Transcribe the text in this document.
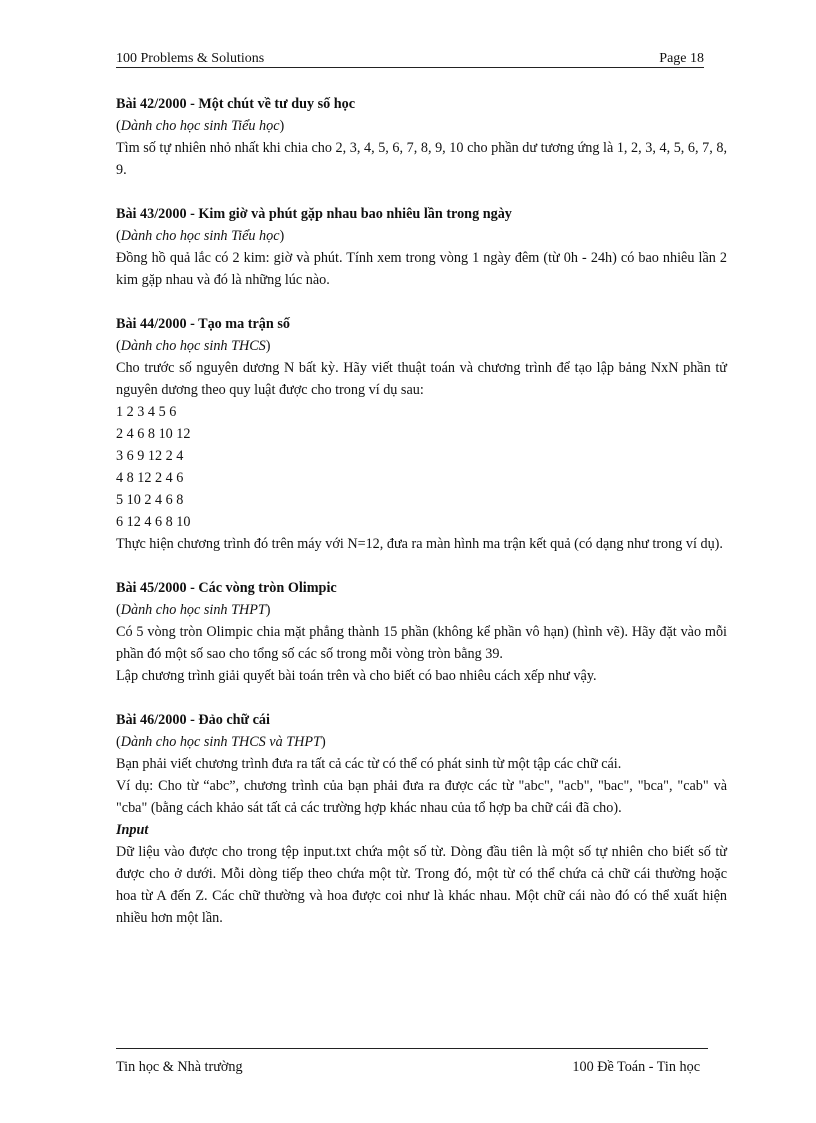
100 Problems & Solutions	Page 18

Bài 42/2000 - Một chút về tư duy số học

(Dành cho học sinh Tiểu học)

Tìm số tự nhiên nhỏ nhất khi chia cho 2, 3, 4, 5, 6, 7, 8, 9, 10 cho phần dư tương ứng là 1, 2, 3, 4, 5, 6, 7, 8, 9.

Bài 43/2000 - Kim giờ và phút gặp nhau bao nhiêu lần trong ngày

(Dành cho học sinh Tiểu học)

Đồng hồ quả lắc có 2 kim: giờ và phút. Tính xem trong vòng 1 ngày đêm (từ 0h - 24h) có bao nhiêu lần 2 kim gặp nhau và đó là những lúc nào.

Bài 44/2000 - Tạo ma trận số

(Dành cho học sinh THCS)

Cho trước số nguyên dương N bất kỳ. Hãy viết thuật toán và chương trình để tạo lập bảng NxN phần tử nguyên dương theo quy luật được cho trong ví dụ sau:

1 2 3 4 5 6

2 4 6 8 10 12

3 6 9 12 2 4

4 8 12 2 4 6

5 10 2 4 6 8

6 12 4 6 8 10

Thực hiện chương trình đó trên máy với N=12, đưa ra màn hình ma trận kết quả (có dạng như trong ví dụ).

Bài 45/2000 - Các vòng tròn Olimpic

(Dành cho học sinh THPT)

Có 5 vòng tròn Olimpic chia mặt phẳng thành 15 phần (không kể phần vô hạn) (hình vẽ). Hãy đặt vào mỗi phần đó một số sao cho tổng số các số trong mỗi vòng tròn bằng 39.

Lập chương trình giải quyết bài toán trên và cho biết có bao nhiêu cách xếp như vậy.

Bài 46/2000 - Đảo chữ cái

(Dành cho học sinh THCS và THPT)

Bạn phải viết chương trình đưa ra tất cả các từ có thể có phát sinh từ một tập các chữ cái.

Ví dụ: Cho từ “abc”, chương trình của bạn phải đưa ra được các từ "abc", "acb", "bac", "bca", "cab" và "cba" (bằng cách khảo sát tất cả các trường hợp khác nhau của tổ hợp ba chữ cái đã cho).

Input

Dữ liệu vào được cho trong tệp input.txt chứa một số từ. Dòng đầu tiên là một số tự nhiên cho biết số từ được cho ở dưới. Mỗi dòng tiếp theo chứa một từ. Trong đó, một từ có thể chứa cả chữ cái thường hoặc hoa từ A đến Z. Các chữ thường và hoa được coi như là khác nhau. Một chữ cái nào đó có thể xuất hiện nhiều hơn một lần.

Tin học & Nhà trường	100 Đề Toán - Tin học
